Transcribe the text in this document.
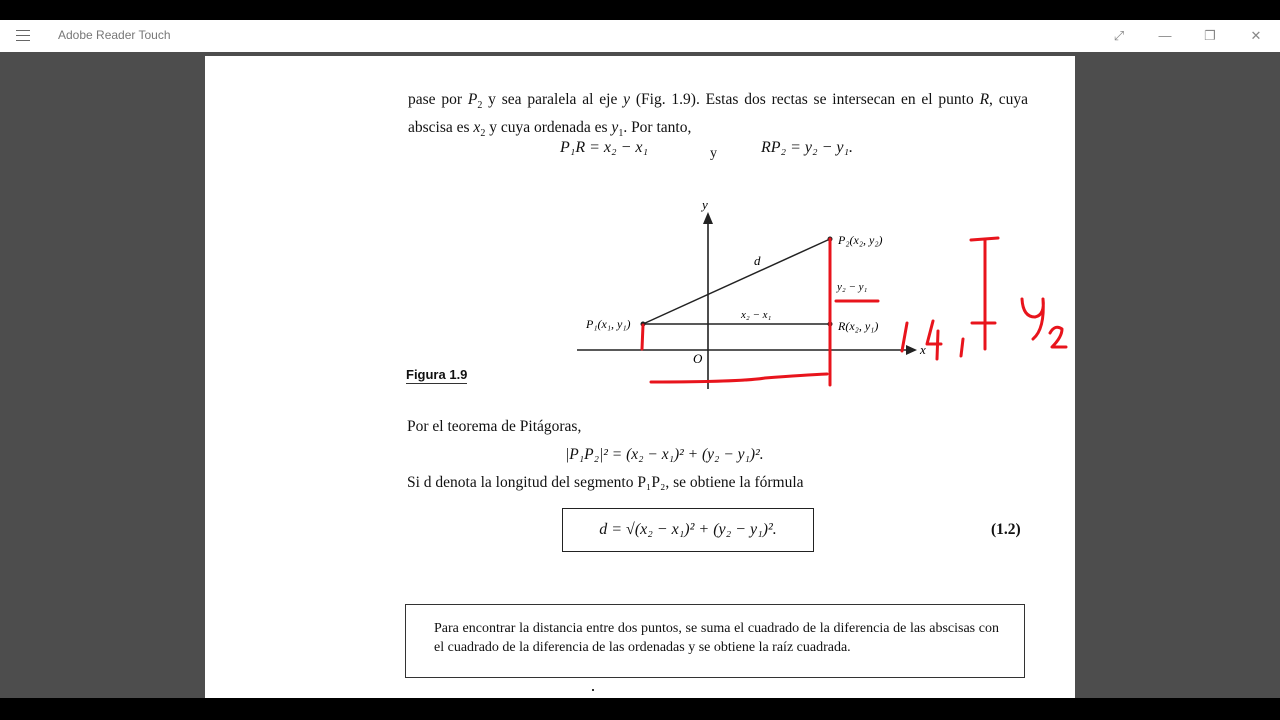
Adobe Reader Touch	⤢	—	❐	✕
pase por $P_2$ y sea paralela al eje y (Fig. 1.9). Estas dos rectas se intersecan en el punto R, cuya abscisa es $x_2$ y cuya ordenada es $y_1$. Por tanto,
P₁R = x₂ − x₁	y	RP₂ = y₂ − y₁.
y
x
O
d
P₁(x₁, y₁)
P₂(x₂, y₂)
R(x₂, y₁)
y₂ − y₁
x₂ − x₁
Figura 1.9
Por el teorema de Pitágoras,
|P₁P₂|² = (x₂ − x₁)² + (y₂ − y₁)².
Si d denota la longitud del segmento P₁P₂, se obtiene la fórmula
d = √(x₂ − x₁)² + (y₂ − y₁)².	(1.2)
Para encontrar la distancia entre dos puntos, se suma el cuadrado de la diferencia de las abscisas con el cuadrado de la diferencia de las ordenadas y se obtiene la raíz cuadrada.
